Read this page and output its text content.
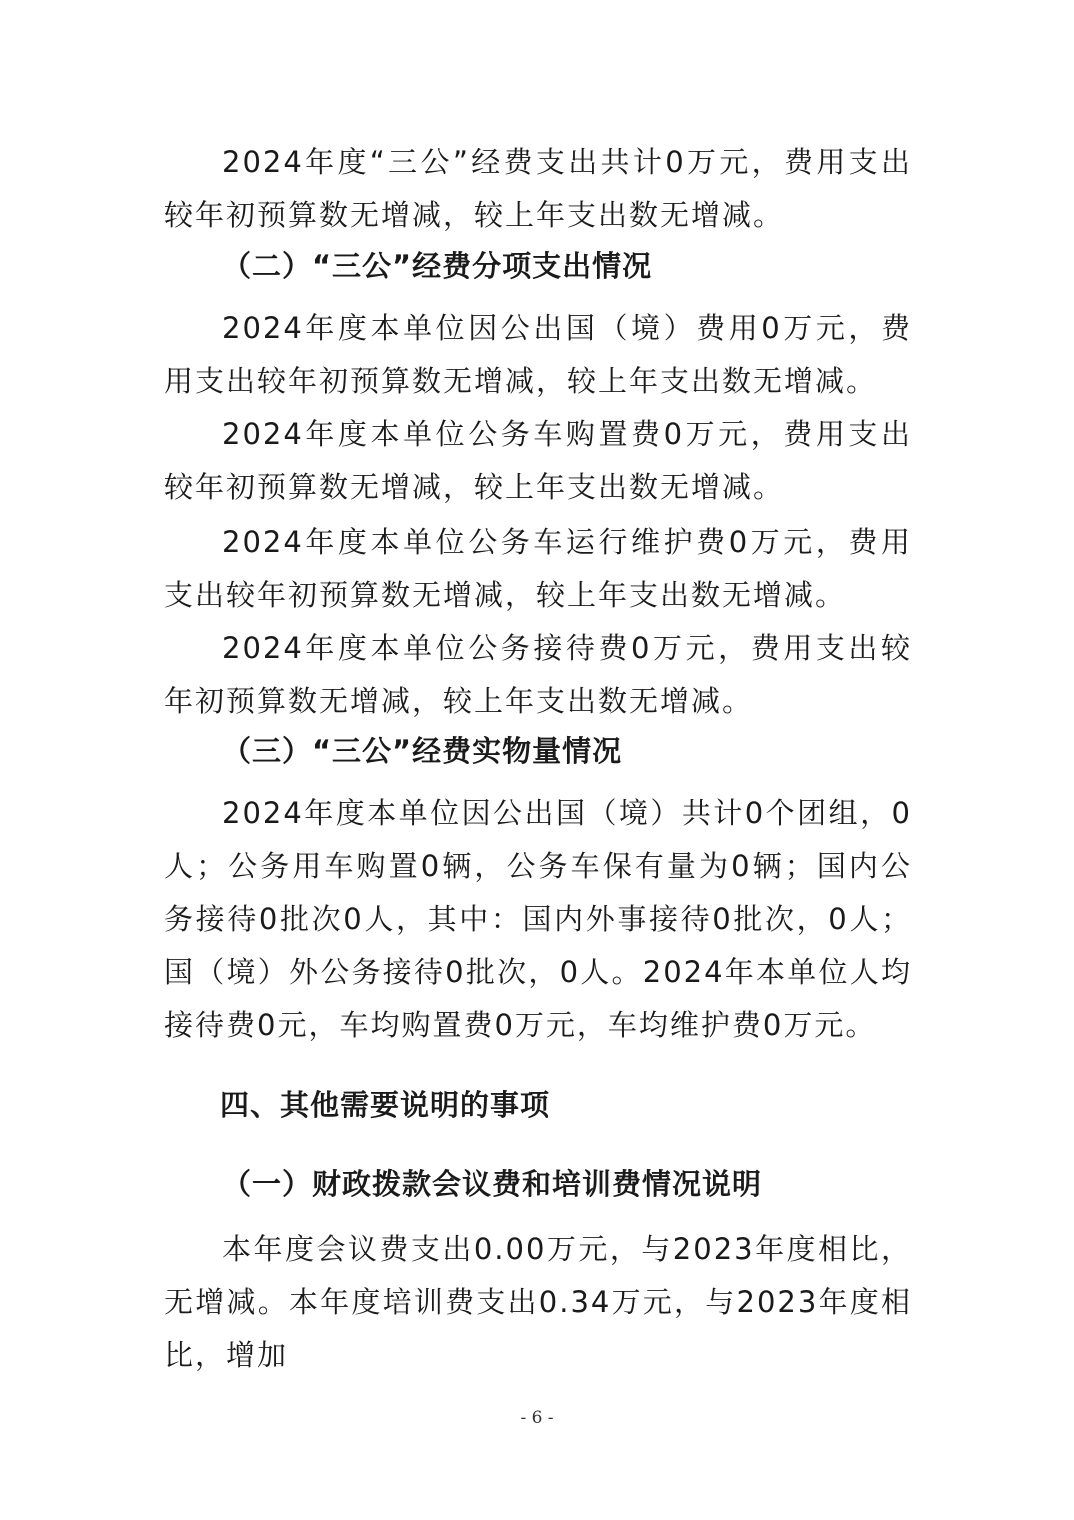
2024年度“三公”经费支出共计0万元，费用支出较年初预算数无增减，较上年支出数无增减。

（二）“三公”经费分项支出情况

2024年度本单位因公出国（境）费用0万元，费用支出较年初预算数无增减，较上年支出数无增减。

2024年度本单位公务车购置费0万元，费用支出较年初预算数无增减，较上年支出数无增减。

2024年度本单位公务车运行维护费0万元，费用支出较年初预算数无增减，较上年支出数无增减。

2024年度本单位公务接待费0万元，费用支出较年初预算数无增减，较上年支出数无增减。

（三）“三公”经费实物量情况

2024年度本单位因公出国（境）共计0个团组，0人；公务用车购置0辆，公务车保有量为0辆；国内公务接待0批次0人，其中：国内外事接待0批次，0人；国（境）外公务接待0批次，0人。2024年本单位人均接待费0元，车均购置费0万元，车均维护费0万元。

四、其他需要说明的事项
（一）财政拨款会议费和培训费情况说明

本年度会议费支出0.00万元，与2023年度相比，无增减。本年度培训费支出0.34万元，与2023年度相比，增加

- 6 -
